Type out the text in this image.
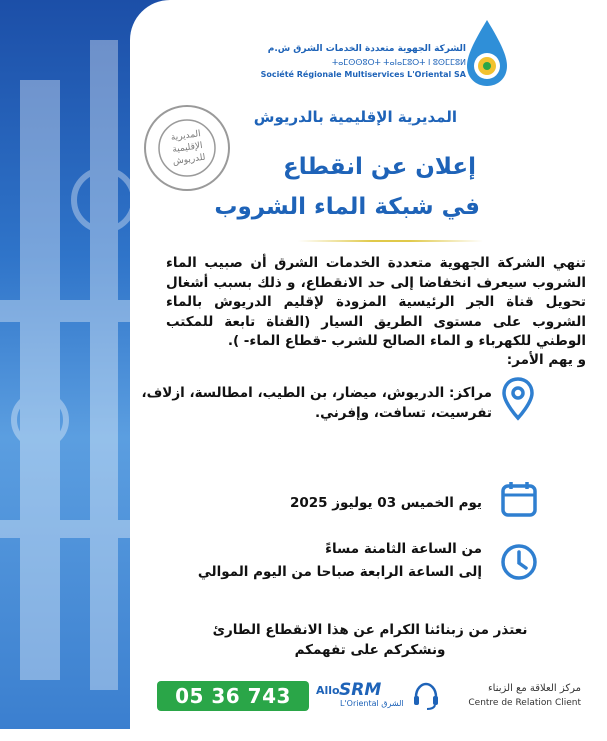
الشركة الجهوية متعددة الخدمات الشرق ش.م
ⵜⴰⵎⵙⵙⵓⵔⵜ ⵜⴰⵏⴰⵎⵓⵔⵜ ⵏ ⵓⵙⵎⵎⵓⵍ
Société Régionale Multiservices L'Oriental SA
المديرية الإقليمية للدريوش
المديرية الإقليمية بالدريوش
إعلان عن انقطاع
في شبكة الماء الشروب
تنهي الشركة الجهوية متعددة الخدمات الشرق أن صبيب الماء الشروب سيعرف انخفاضا إلى حد الانقطاع، و ذلك بسبب أشغال تحويل قناة الجر الرئيسية المزودة لإقليم الدريوش بالماء الشروب على مستوى الطريق السيار (القناة تابعة للمكتب الوطني للكهرباء و الماء الصالح للشرب -قطاع الماء- ).
و يهم الأمر:
مراكز: الدريوش، ميضار، بن الطيب، امطالسة، ازلاف، تفرسيت، تسافت، وإفرني.
يوم الخميس 03 يوليوز 2025
من الساعة الثامنة مساءً
إلى الساعة الرابعة صباحا من اليوم الموالي
نعتذر من زبنائنا الكرام عن هذا الانقطاع الطارئ ونشكركم على تفهمكم
05 36 743 743
Allo SRM
L'Oriental الشرق
مركز العلاقة مع الزبناء
Centre de Relation Client
